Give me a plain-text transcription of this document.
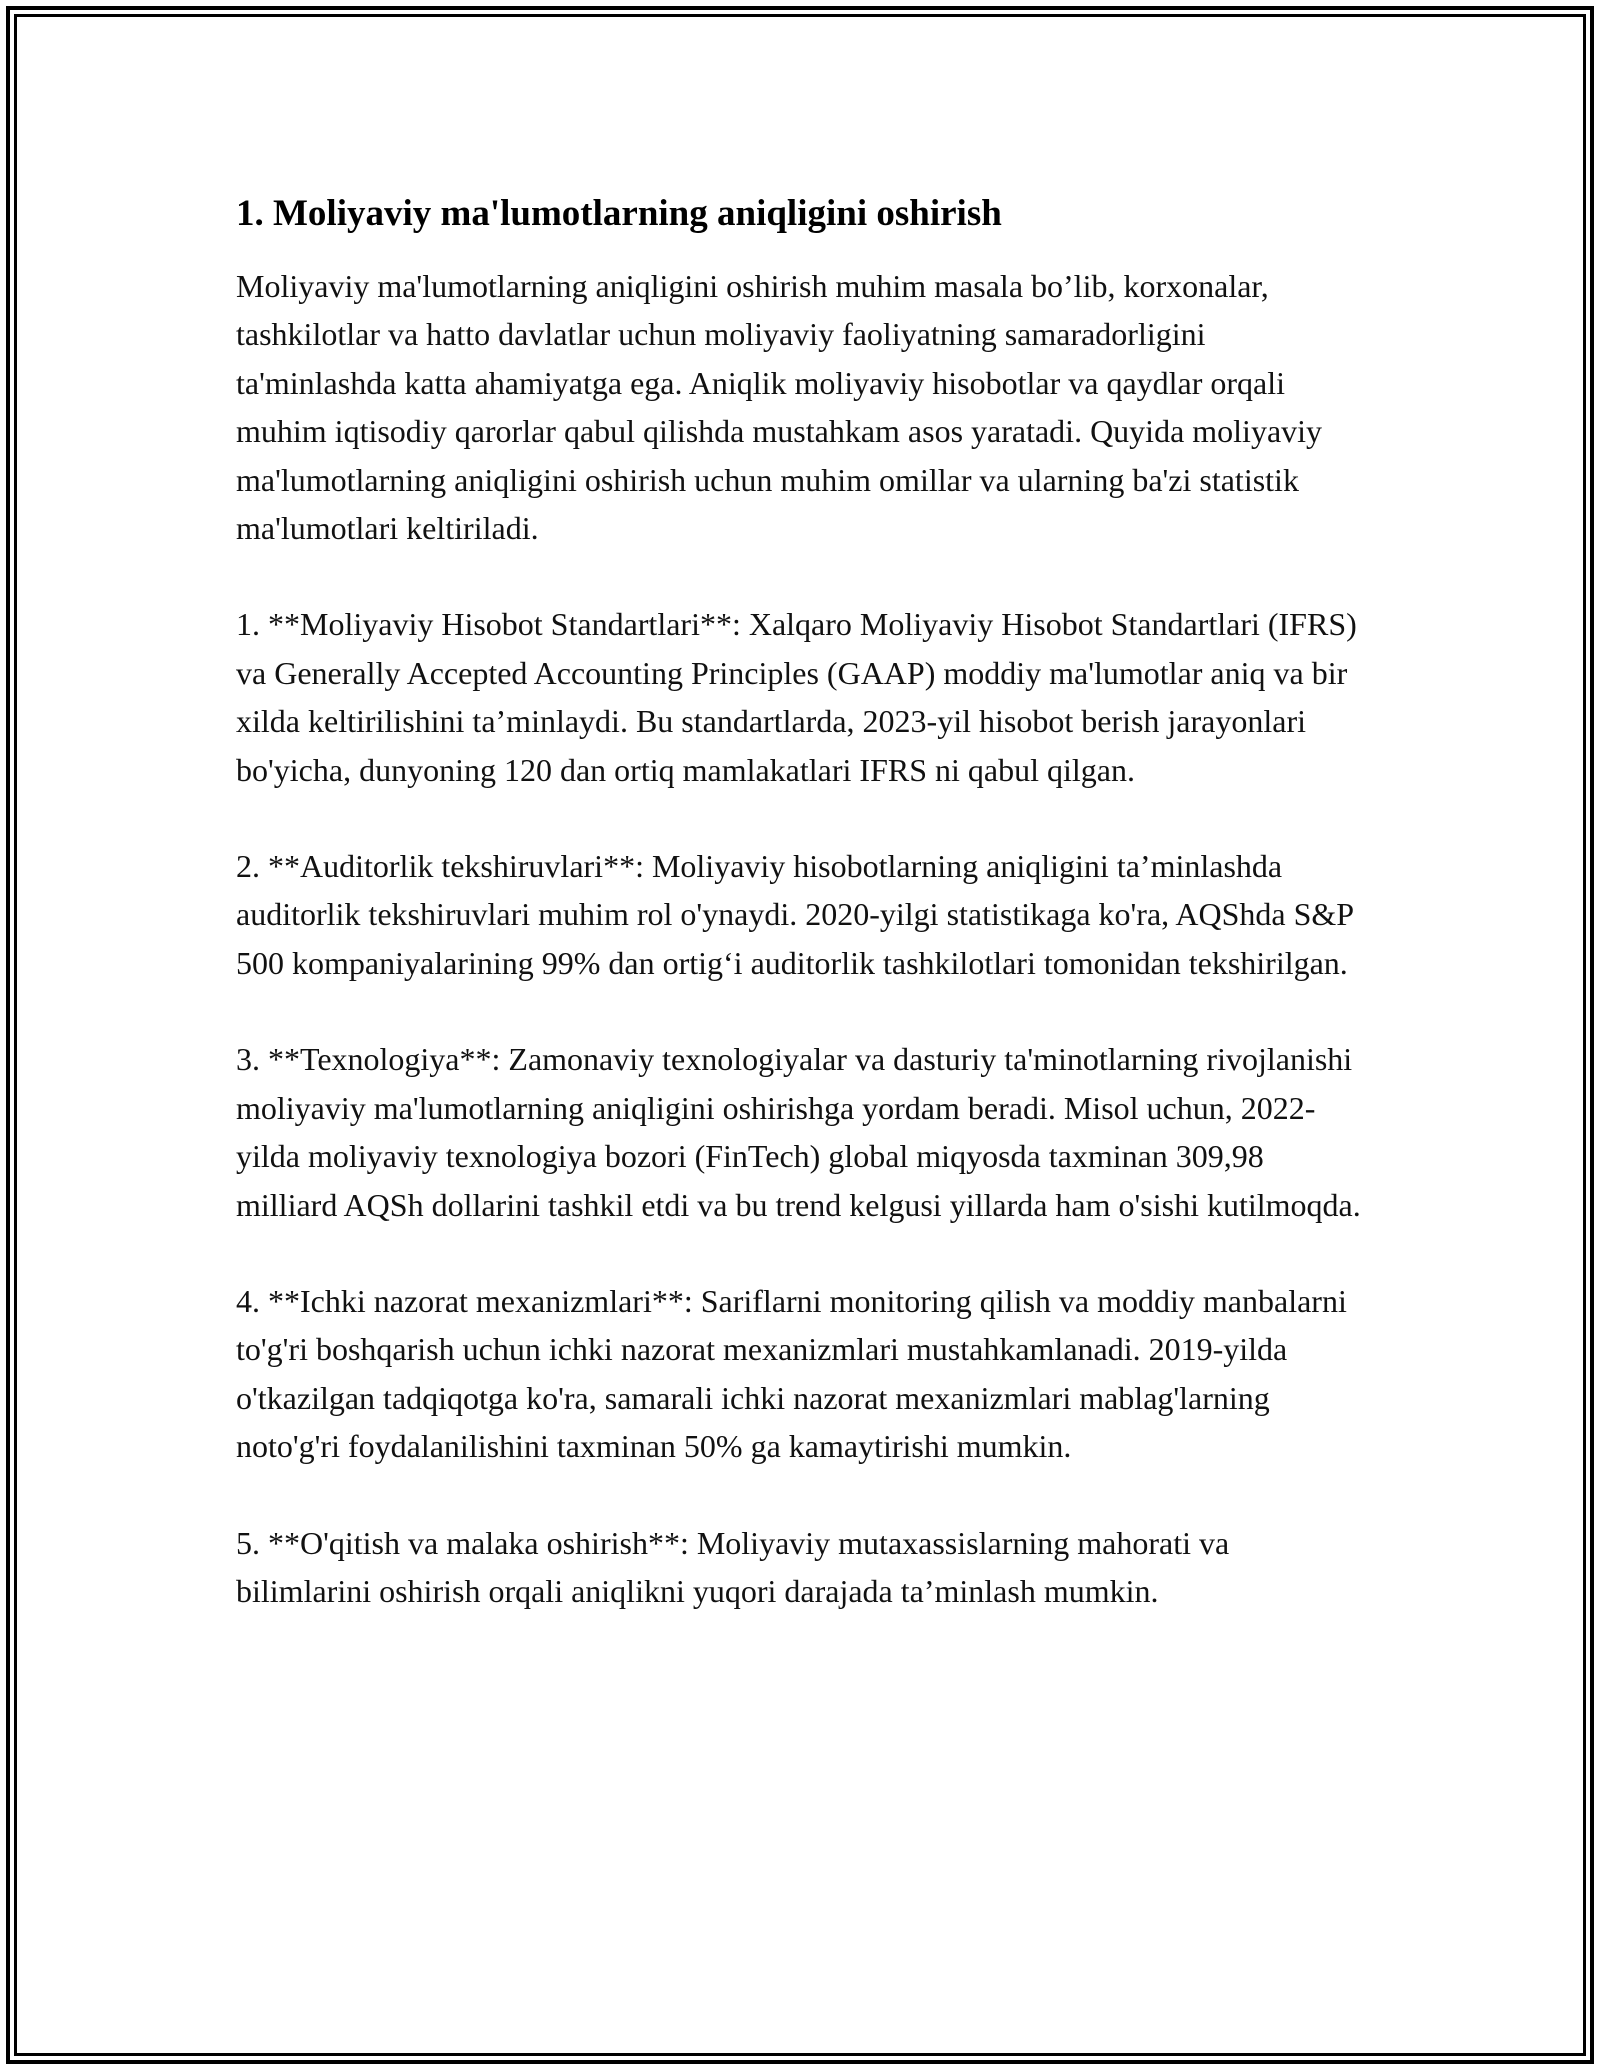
1. Moliyaviy ma'lumotlarning aniqligini oshirish

Moliyaviy ma'lumotlarning aniqligini oshirish muhim masala bo’lib, korxonalar, tashkilotlar va hatto davlatlar uchun moliyaviy faoliyatning samaradorligini ta'minlashda katta ahamiyatga ega. Aniqlik moliyaviy hisobotlar va qaydlar orqali muhim iqtisodiy qarorlar qabul qilishda mustahkam asos yaratadi. Quyida moliyaviy ma'lumotlarning aniqligini oshirish uchun muhim omillar va ularning ba'zi statistik ma'lumotlari keltiriladi.

1. **Moliyaviy Hisobot Standartlari**: Xalqaro Moliyaviy Hisobot Standartlari (IFRS) va Generally Accepted Accounting Principles (GAAP) moddiy ma'lumotlar aniq va bir xilda keltirilishini ta’minlaydi. Bu standartlarda, 2023-yil hisobot berish jarayonlari bo'yicha, dunyoning 120 dan ortiq mamlakatlari IFRS ni qabul qilgan.

2. **Auditorlik tekshiruvlari**: Moliyaviy hisobotlarning aniqligini ta’minlashda auditorlik tekshiruvlari muhim rol o'ynaydi. 2020-yilgi statistikaga ko'ra, AQShda S&P 500 kompaniyalarining 99% dan ortig‘i auditorlik tashkilotlari tomonidan tekshirilgan.

3. **Texnologiya**: Zamonaviy texnologiyalar va dasturiy ta'minotlarning rivojlanishi moliyaviy ma'lumotlarning aniqligini oshirishga yordam beradi. Misol uchun, 2022-yilda moliyaviy texnologiya bozori (FinTech) global miqyosda taxminan 309,98 milliard AQSh dollarini tashkil etdi va bu trend kelgusi yillarda ham o'sishi kutilmoqda.

4. **Ichki nazorat mexanizmlari**: Sariflarni monitoring qilish va moddiy manbalarni to'g'ri boshqarish uchun ichki nazorat mexanizmlari mustahkamlanadi. 2019-yilda o'tkazilgan tadqiqotga ko'ra, samarali ichki nazorat mexanizmlari mablag'larning noto'g'ri foydalanilishini taxminan 50% ga kamaytirishi mumkin.

5. **O'qitish va malaka oshirish**: Moliyaviy mutaxassislarning mahorati va bilimlarini oshirish orqali aniqlikni yuqori darajada ta’minlash mumkin.
